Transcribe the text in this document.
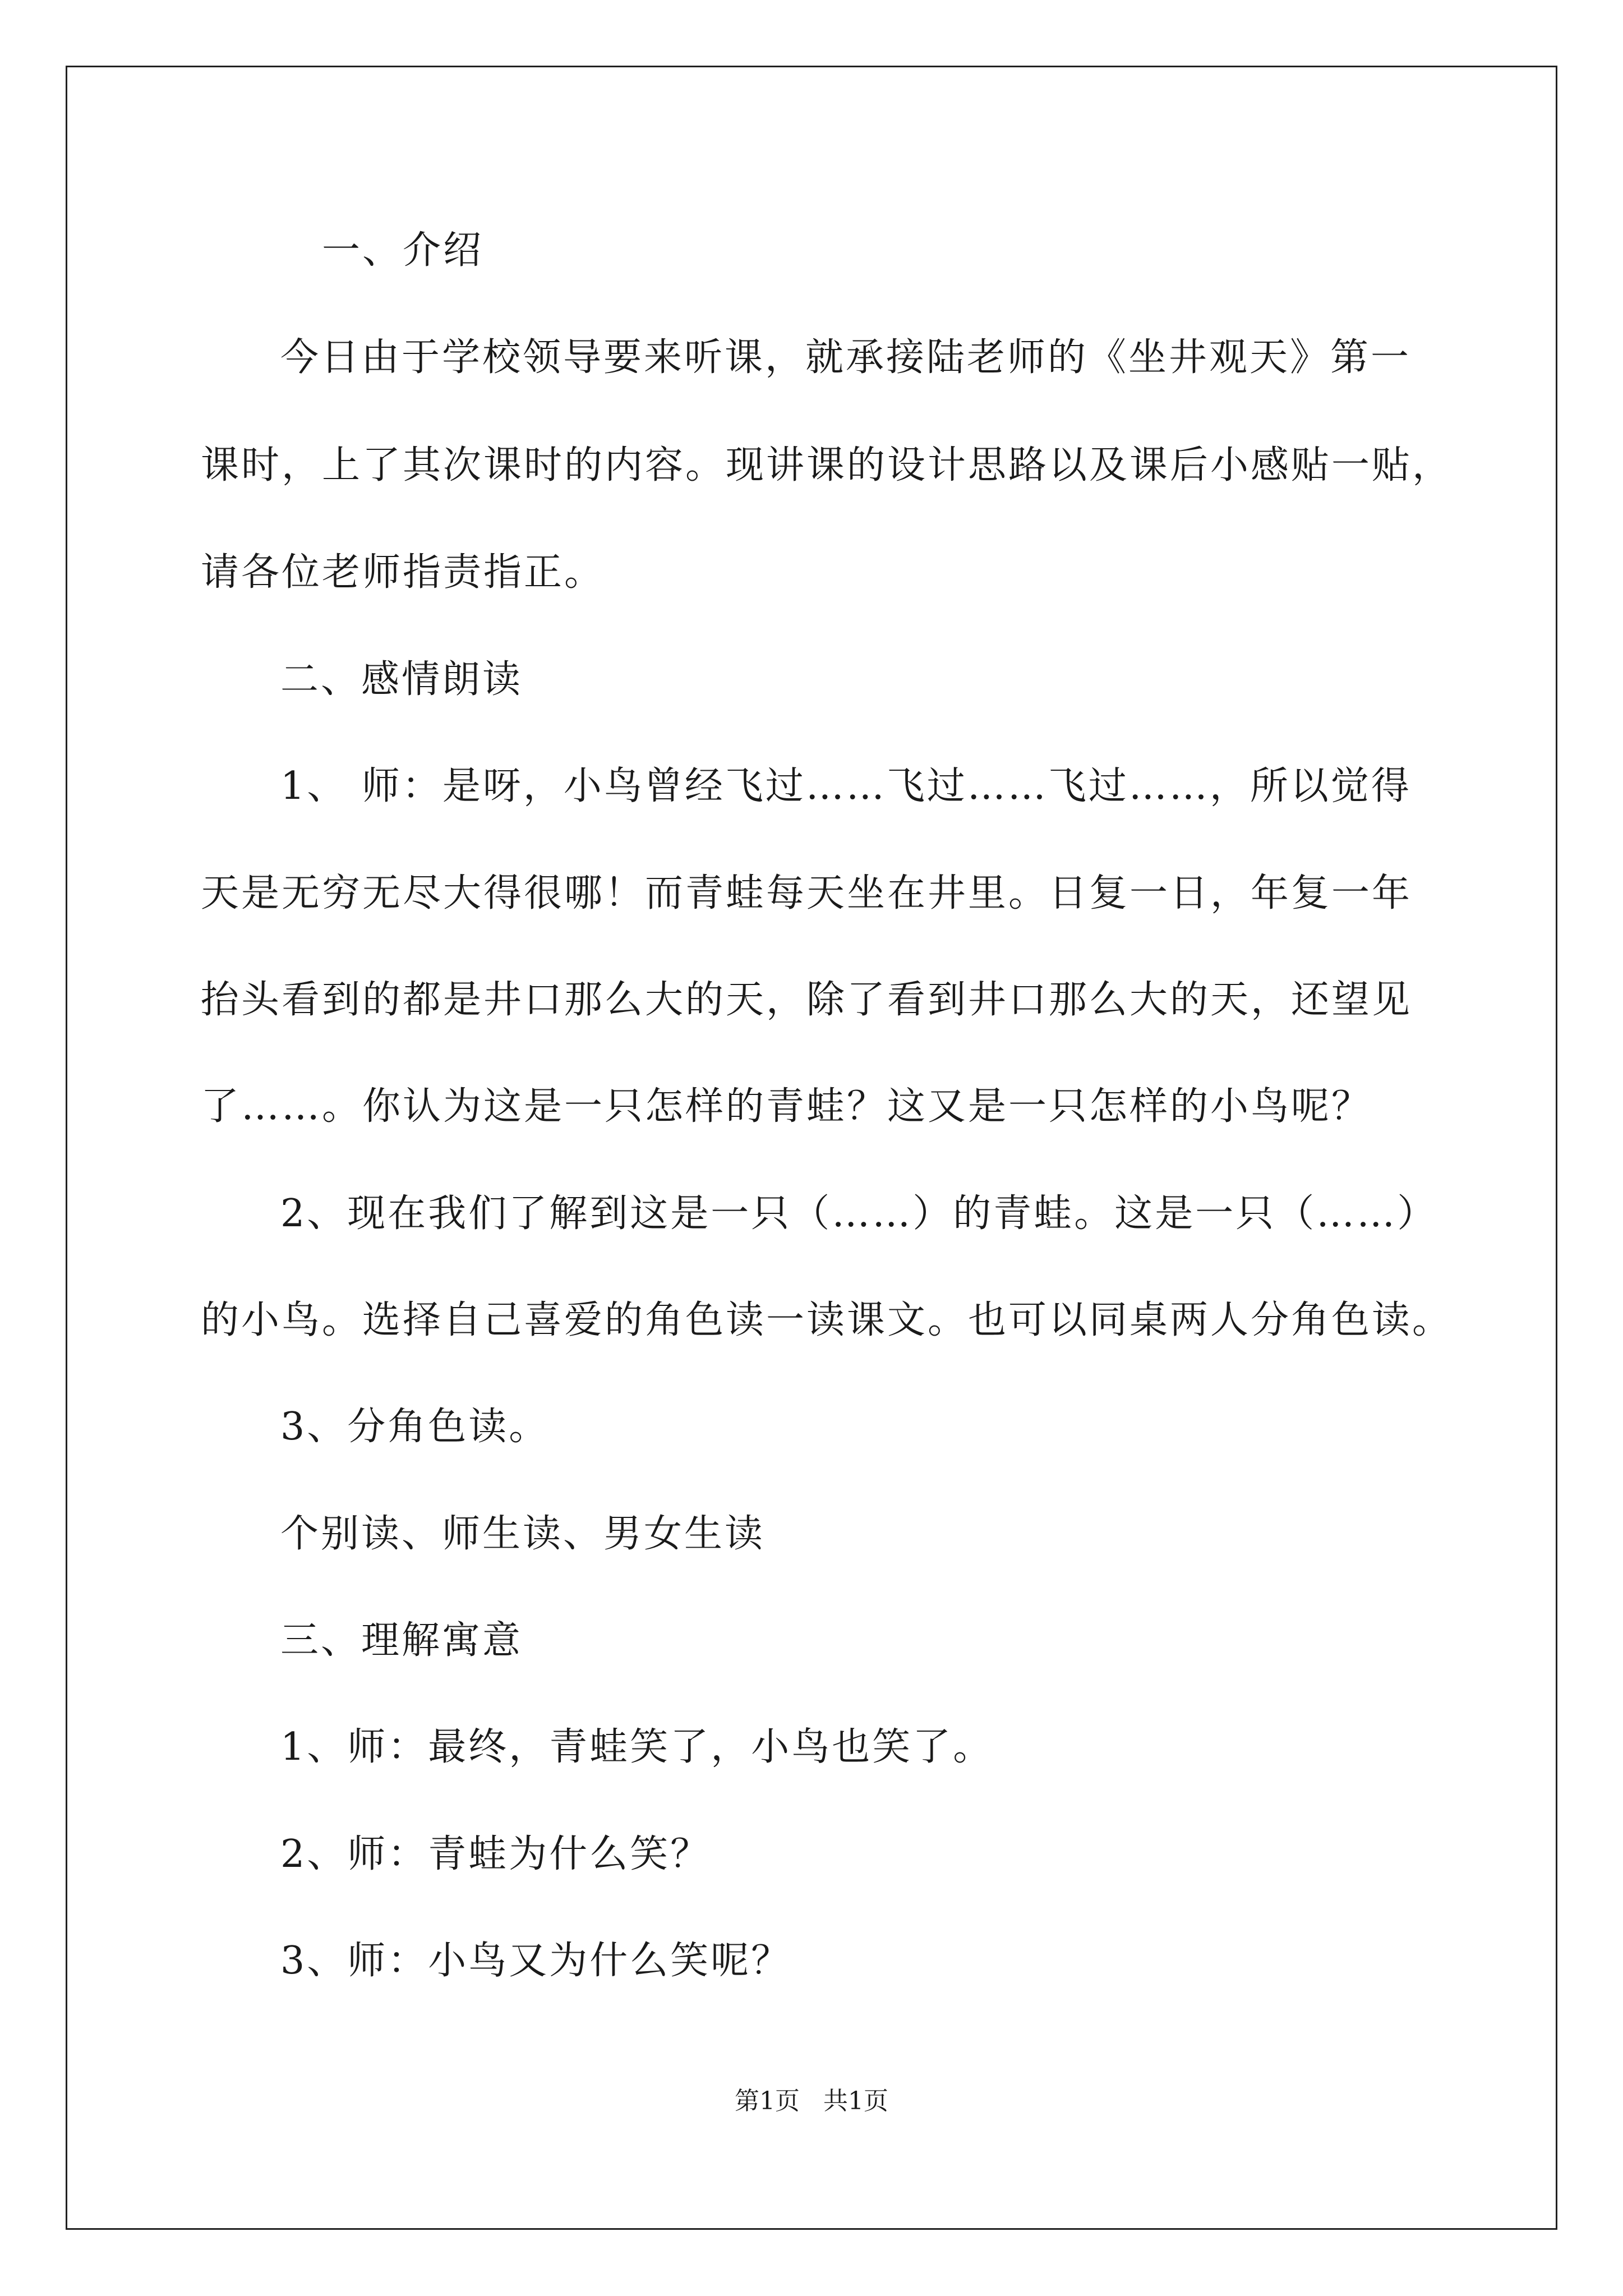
一、介绍
今日由于学校领导要来听课，就承接陆老师的《坐井观天》第一
课时，上了其次课时的内容。现讲课的设计思路以及课后小感贴一贴，
请各位老师指责指正。
二、感情朗读
1、 师：是呀，小鸟曾经飞过……飞过……飞过……，所以觉得
天是无穷无尽大得很哪！而青蛙每天坐在井里。日复一日，年复一年
抬头看到的都是井口那么大的天，除了看到井口那么大的天，还望见
了……。你认为这是一只怎样的青蛙？这又是一只怎样的小鸟呢？
2、现在我们了解到这是一只（……）的青蛙。这是一只（……）
的小鸟。选择自己喜爱的角色读一读课文。也可以同桌两人分角色读。
3、分角色读。
个别读、师生读、男女生读
三、理解寓意
1、师：最终，青蛙笑了，小鸟也笑了。
2、师：青蛙为什么笑？
3、师：小鸟又为什么笑呢？
第1页   共1页
